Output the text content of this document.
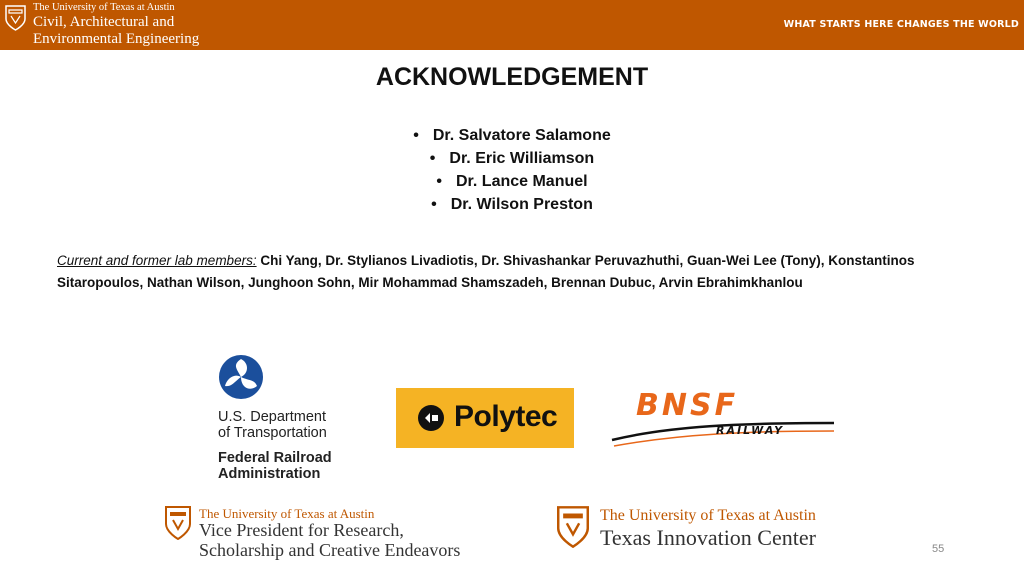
The University of Texas at Austin
Civil, Architectural and
Environmental Engineering
WHAT STARTS HERE CHANGES THE WORLD
ACKNOWLEDGEMENT
• Dr. Salvatore Salamone
• Dr. Eric Williamson
• Dr. Lance Manuel
• Dr. Wilson Preston
Current and former lab members: Chi Yang, Dr. Stylianos Livadiotis, Dr. Shivashankar Peruvazhuthi, Guan-Wei Lee (Tony), Konstantinos Sitaropoulos, Nathan Wilson, Junghoon Sohn, Mir Mohammad Shamszadeh, Brennan Dubuc, Arvin Ebrahimkhanlou
U.S. Department
of Transportation
Federal Railroad
Administration
Polytec	BNSF
RAILWAY
The University of Texas at Austin
Vice President for Research,
Scholarship and Creative Endeavors
The University of Texas at Austin
Texas Innovation Center	55
